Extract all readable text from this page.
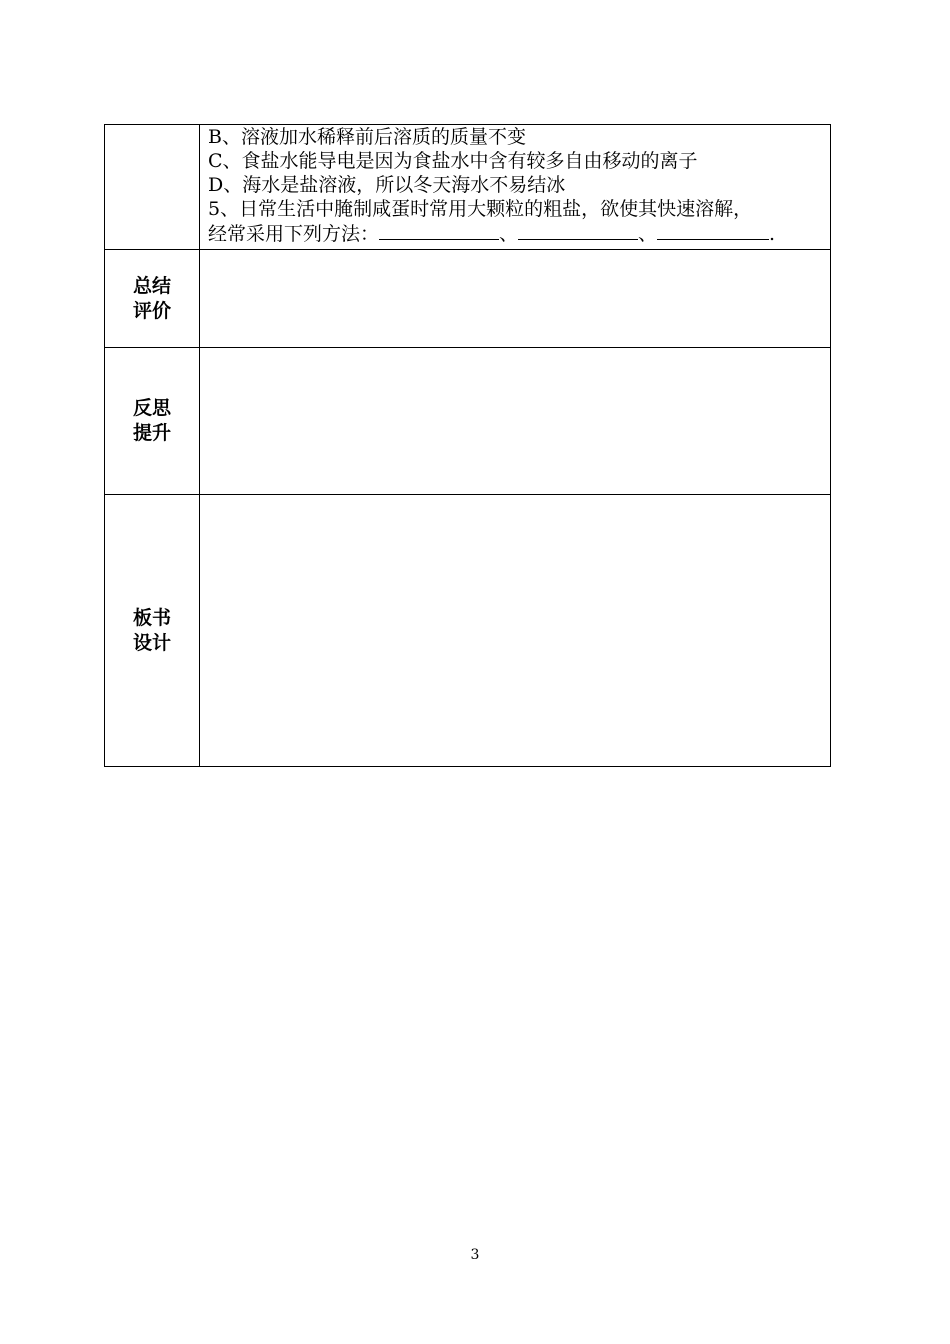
	B、溶液加水稀释前后溶质的质量不变
C、食盐水能导电是因为食盐水中含有较多自由移动的离子
D、海水是盐溶液，所以冬天海水不易结冰
5、日常生活中腌制咸蛋时常用大颗粒的粗盐，欲使其快速溶解，
经常采用下列方法： 、 、 .

总结
评价	

反思
提升	

板书
设计	

3
